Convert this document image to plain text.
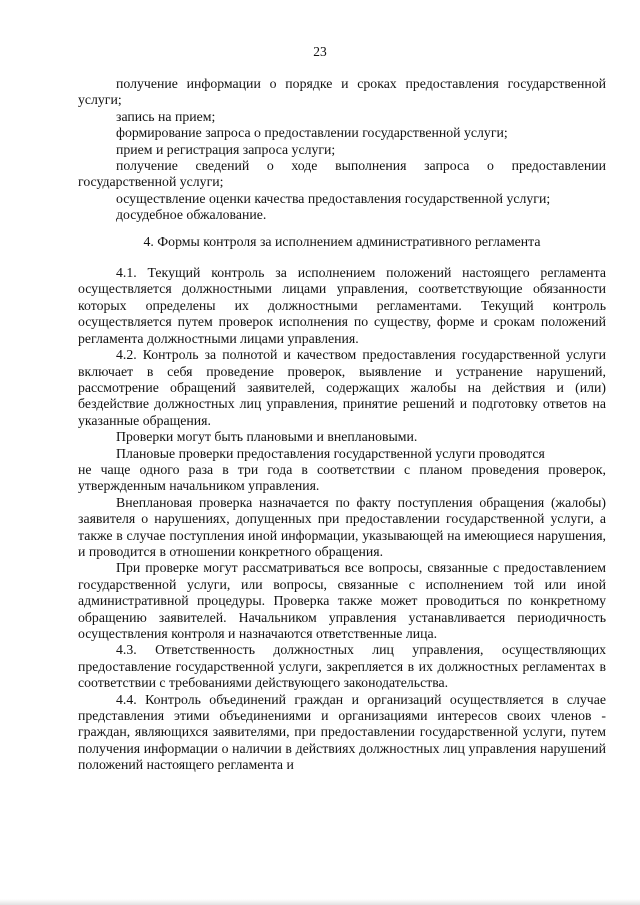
23

получение информации о порядке и сроках предоставления государственной услуги;

запись на прием;

формирование запроса о предоставлении государственной услуги;

прием и регистрация запроса услуги;

получение сведений о ходе выполнения запроса о предоставлении государственной услуги;

осуществление оценки качества предоставления государственной услуги;

досудебное обжалование.

4. Формы контроля за исполнением административного регламента

4.1. Текущий контроль за исполнением положений настоящего регламента осуществляется должностными лицами управления, соответствующие обязанности которых определены их должностными регламентами. Текущий контроль осуществляется путем проверок исполнения по существу, форме и срокам положений регламента должностными лицами управления.

4.2. Контроль за полнотой и качеством предоставления государственной услуги включает в себя проведение проверок, выявление и устранение нарушений, рассмотрение обращений заявителей, содержащих жалобы на действия и (или) бездействие должностных лиц управления, принятие решений и подготовку ответов на указанные обращения.

Проверки могут быть плановыми и внеплановыми.

Плановые проверки предоставления государственной услуги проводятся

не чаще одного раза в три года в соответствии с планом проведения проверок, утвержденным начальником управления.

Внеплановая проверка назначается по факту поступления обращения (жалобы) заявителя о нарушениях, допущенных при предоставлении государственной услуги, а также в случае поступления иной информации, указывающей на имеющиеся нарушения, и проводится в отношении конкретного обращения.

При проверке могут рассматриваться все вопросы, связанные с предоставлением государственной услуги, или вопросы, связанные с исполнением той или иной административной процедуры. Проверка также может проводиться по конкретному обращению заявителей. Начальником управления устанавливается периодичность осуществления контроля и назначаются ответственные лица.

4.3. Ответственность должностных лиц управления, осуществляющих предоставление государственной услуги, закрепляется в их должностных регламентах в соответствии с требованиями действующего законодательства.

4.4. Контроль объединений граждан и организаций осуществляется в случае представления этими объединениями и организациями интересов своих членов - граждан, являющихся заявителями, при предоставлении государственной услуги, путем получения информации о наличии в действиях должностных лиц управления нарушений положений настоящего регламента и
